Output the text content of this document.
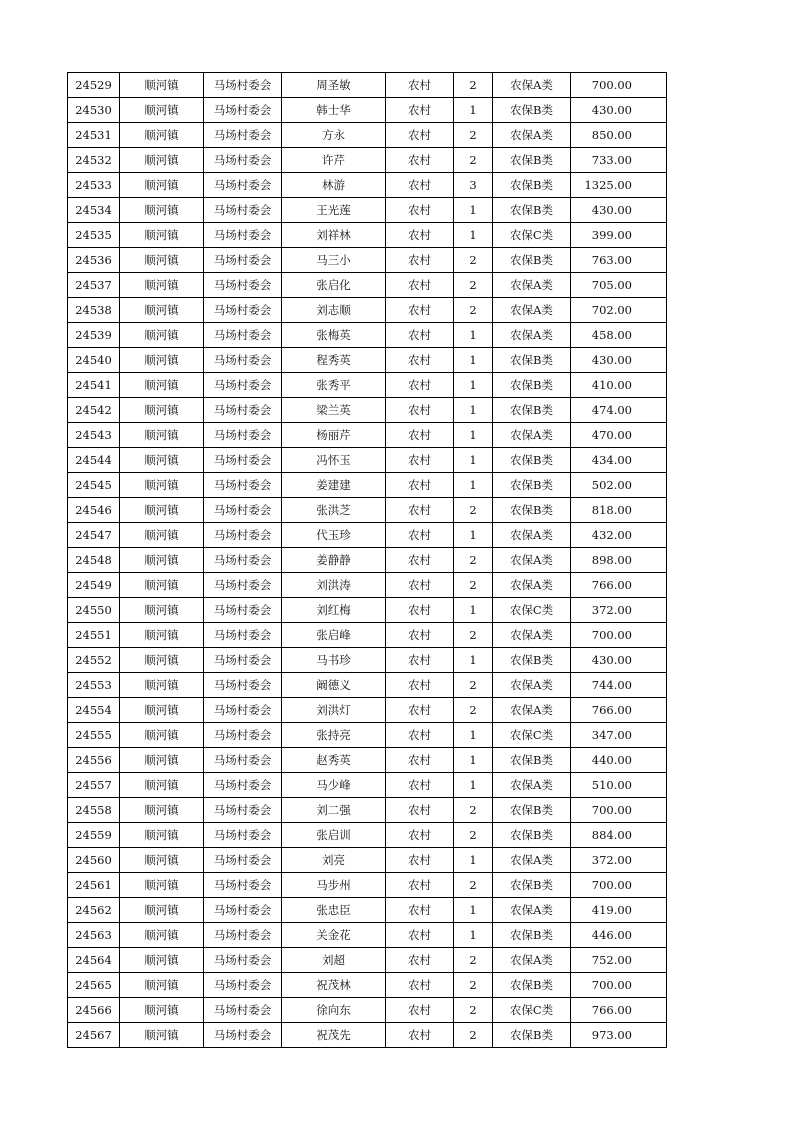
24529	顺河镇	马场村委会	周圣敏	农村	2	农保A类	700.00
24530	顺河镇	马场村委会	韩士华	农村	1	农保B类	430.00
24531	顺河镇	马场村委会	方永	农村	2	农保A类	850.00
24532	顺河镇	马场村委会	许芹	农村	2	农保B类	733.00
24533	顺河镇	马场村委会	林游	农村	3	农保B类	1325.00
24534	顺河镇	马场村委会	王光莲	农村	1	农保B类	430.00
24535	顺河镇	马场村委会	刘祥林	农村	1	农保C类	399.00
24536	顺河镇	马场村委会	马三小	农村	2	农保B类	763.00
24537	顺河镇	马场村委会	张启化	农村	2	农保A类	705.00
24538	顺河镇	马场村委会	刘志顺	农村	2	农保A类	702.00
24539	顺河镇	马场村委会	张梅英	农村	1	农保A类	458.00
24540	顺河镇	马场村委会	程秀英	农村	1	农保B类	430.00
24541	顺河镇	马场村委会	张秀平	农村	1	农保B类	410.00
24542	顺河镇	马场村委会	梁兰英	农村	1	农保B类	474.00
24543	顺河镇	马场村委会	杨丽芹	农村	1	农保A类	470.00
24544	顺河镇	马场村委会	冯怀玉	农村	1	农保B类	434.00
24545	顺河镇	马场村委会	姜建建	农村	1	农保B类	502.00
24546	顺河镇	马场村委会	张洪芝	农村	2	农保B类	818.00
24547	顺河镇	马场村委会	代玉珍	农村	1	农保A类	432.00
24548	顺河镇	马场村委会	姜静静	农村	2	农保A类	898.00
24549	顺河镇	马场村委会	刘洪涛	农村	2	农保A类	766.00
24550	顺河镇	马场村委会	刘红梅	农村	1	农保C类	372.00
24551	顺河镇	马场村委会	张启峰	农村	2	农保A类	700.00
24552	顺河镇	马场村委会	马书珍	农村	1	农保B类	430.00
24553	顺河镇	马场村委会	阚德义	农村	2	农保A类	744.00
24554	顺河镇	马场村委会	刘洪灯	农村	2	农保A类	766.00
24555	顺河镇	马场村委会	张持亮	农村	1	农保C类	347.00
24556	顺河镇	马场村委会	赵秀英	农村	1	农保B类	440.00
24557	顺河镇	马场村委会	马少峰	农村	1	农保A类	510.00
24558	顺河镇	马场村委会	刘二强	农村	2	农保B类	700.00
24559	顺河镇	马场村委会	张启训	农村	2	农保B类	884.00
24560	顺河镇	马场村委会	刘亮	农村	1	农保A类	372.00
24561	顺河镇	马场村委会	马步州	农村	2	农保B类	700.00
24562	顺河镇	马场村委会	张忠臣	农村	1	农保A类	419.00
24563	顺河镇	马场村委会	关金花	农村	1	农保B类	446.00
24564	顺河镇	马场村委会	刘超	农村	2	农保A类	752.00
24565	顺河镇	马场村委会	祝茂林	农村	2	农保B类	700.00
24566	顺河镇	马场村委会	徐向东	农村	2	农保C类	766.00
24567	顺河镇	马场村委会	祝茂先	农村	2	农保B类	973.00
